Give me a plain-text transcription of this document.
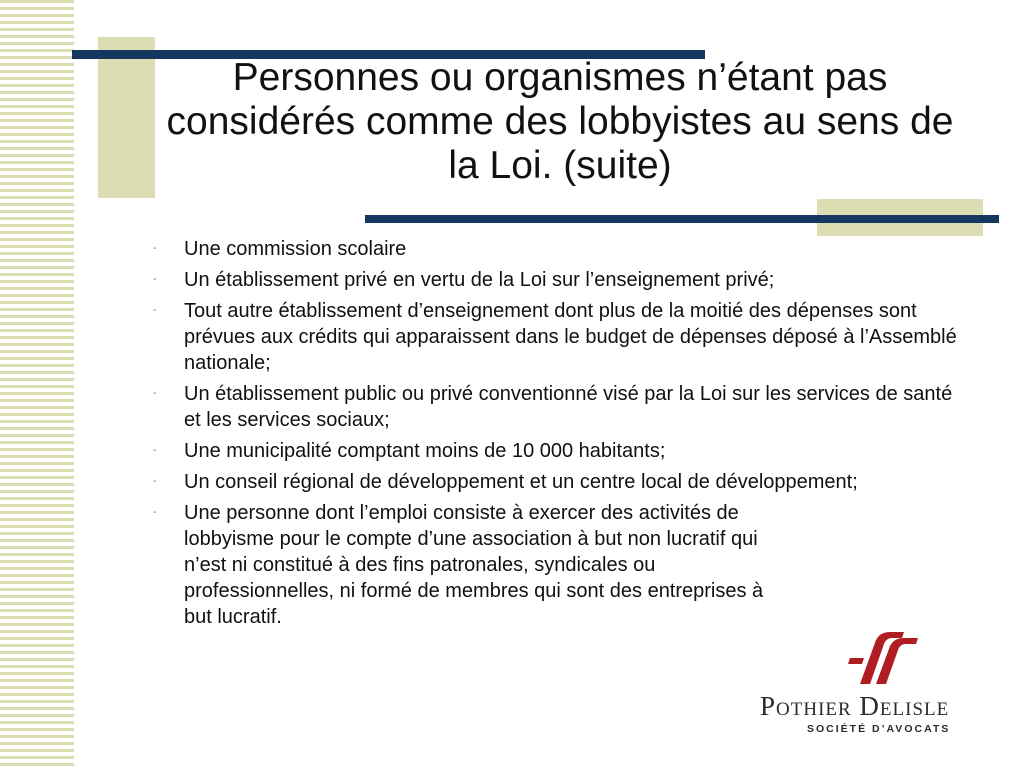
Personnes ou organismes n’étant pas considérés comme des lobbyistes au sens de la Loi. (suite)
- Une commission scolaire
- Un établissement privé en vertu de la Loi sur l’enseignement privé;
- Tout autre établissement d’enseignement dont plus de la moitié des dépenses sont prévues aux crédits qui apparaissent dans le budget de dépenses déposé à l’Assemblé nationale;
- Un établissement public ou privé conventionné visé par la Loi sur les services de santé et les services sociaux;
- Une municipalité comptant moins de 10 000 habitants;
- Un conseil régional de développement et un centre local de développement;
- Une personne dont l’emploi consiste à exercer des activités de lobbyisme pour le compte d’une association à but non lucratif qui n’est ni constitué à des fins patronales, syndicales ou professionnelles, ni formé de membres qui sont des entreprises à but lucratif.
Pothier Delisle
SOCIÉTÉ D’AVOCATS
